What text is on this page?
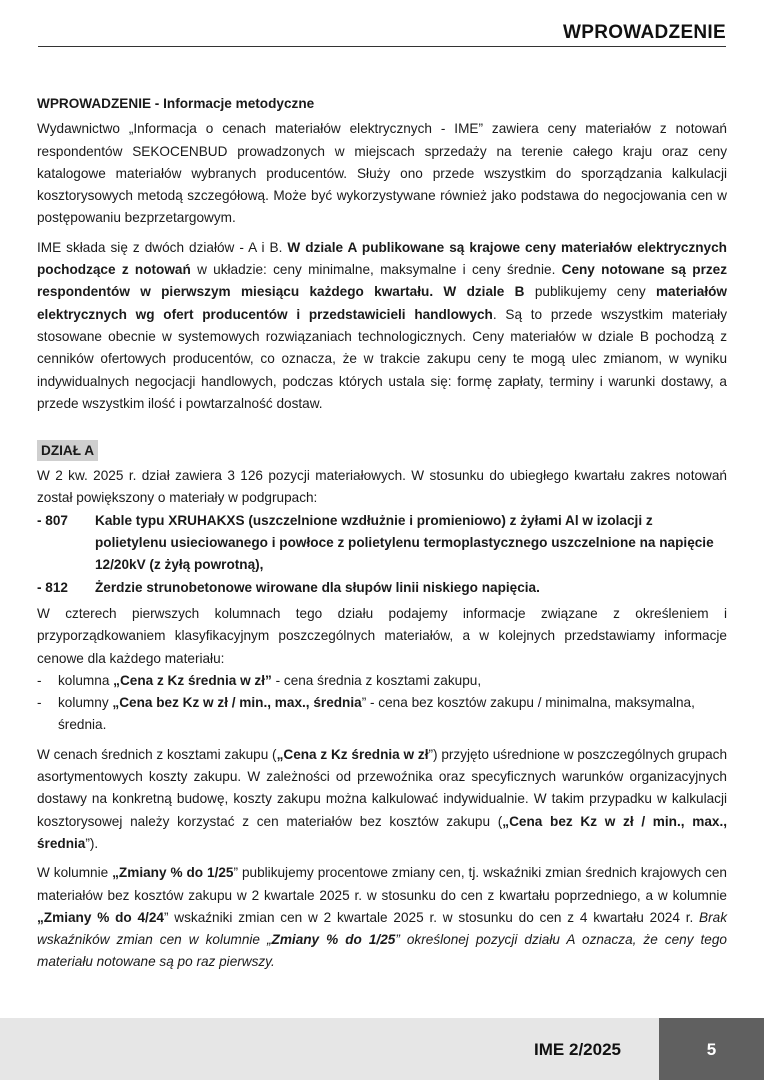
WPROWADZENIE
WPROWADZENIE - Informacje metodyczne

Wydawnictwo „Informacja o cenach materiałów elektrycznych - IME” zawiera ceny materiałów z notowań respondentów SEKOCENBUD prowadzonych w miejscach sprzedaży na terenie całego kraju oraz ceny katalogowe materiałów wybranych producentów. Służy ono przede wszystkim do sporządzania kalkulacji kosztorysowych metodą szczegółową. Może być wykorzystywane również jako podstawa do negocjowania cen w postępowaniu bezprzetargowym.

IME składa się z dwóch działów - A i B. W dziale A publikowane są krajowe ceny materiałów elektrycznych pochodzące z notowań w układzie: ceny minimalne, maksymalne i ceny średnie. Ceny notowane są przez respondentów w pierwszym miesiącu każdego kwartału. W dziale B publikujemy ceny materiałów elektrycznych wg ofert producentów i przedstawicieli handlowych. Są to przede wszystkim materiały stosowane obecnie w systemowych rozwiązaniach technologicznych. Ceny materiałów w dziale B pochodzą z cenników ofertowych producentów, co oznacza, że w trakcie zakupu ceny te mogą ulec zmianom, w wyniku indywidualnych negocjacji handlowych, podczas których ustala się: formę zapłaty, terminy i warunki dostawy, a przede wszystkim ilość i powtarzalność dostaw.

DZIAŁ A

W 2 kw. 2025 r. dział zawiera 3 126 pozycji materiałowych. W stosunku do ubiegłego kwartału zakres notowań został powiększony o materiały w podgrupach:

- 807	Kable typu XRUHAKXS (uszczelnione wzdłużnie i promieniowo) z żyłami Al w izolacji z polietylenu usieciowanego i powłoce z polietylenu termoplastycznego uszczelnione na napięcie 12/20kV (z żyłą powrotną),
- 812	Żerdzie strunobetonowe wirowane dla słupów linii niskiego napięcia.

W czterech pierwszych kolumnach tego działu podajemy informacje związane z określeniem i przyporządkowaniem klasyfikacyjnym poszczególnych materiałów, a w kolejnych przedstawiamy informacje cenowe dla każdego materiału:

-	kolumna „Cena z Kz średnia w zł” - cena średnia z kosztami zakupu,
-	kolumny „Cena bez Kz w zł / min., max., średnia” - cena bez kosztów zakupu / minimalna, maksymalna, średnia.

W cenach średnich z kosztami zakupu („Cena z Kz średnia w zł”) przyjęto uśrednione w poszczególnych grupach asortymentowych koszty zakupu. W zależności od przewoźnika oraz specyficznych warunków organizacyjnych dostawy na konkretną budowę, koszty zakupu można kalkulować indywidualnie. W takim przypadku w kalkulacji kosztorysowej należy korzystać z cen materiałów bez kosztów zakupu („Cena bez Kz w zł / min., max., średnia”).

W kolumnie „Zmiany % do 1/25” publikujemy procentowe zmiany cen, tj. wskaźniki zmian średnich krajowych cen materiałów bez kosztów zakupu w 2 kwartale 2025 r. w stosunku do cen z kwartału poprzedniego, a w kolumnie „Zmiany % do 4/24” wskaźniki zmian cen w 2 kwartale 2025 r. w stosunku do cen z 4 kwartału 2024 r. Brak wskaźników zmian cen w kolumnie „Zmiany % do 1/25” określonej pozycji działu A oznacza, że ceny tego materiału notowane są po raz pierwszy.

IME 2/2025	5
